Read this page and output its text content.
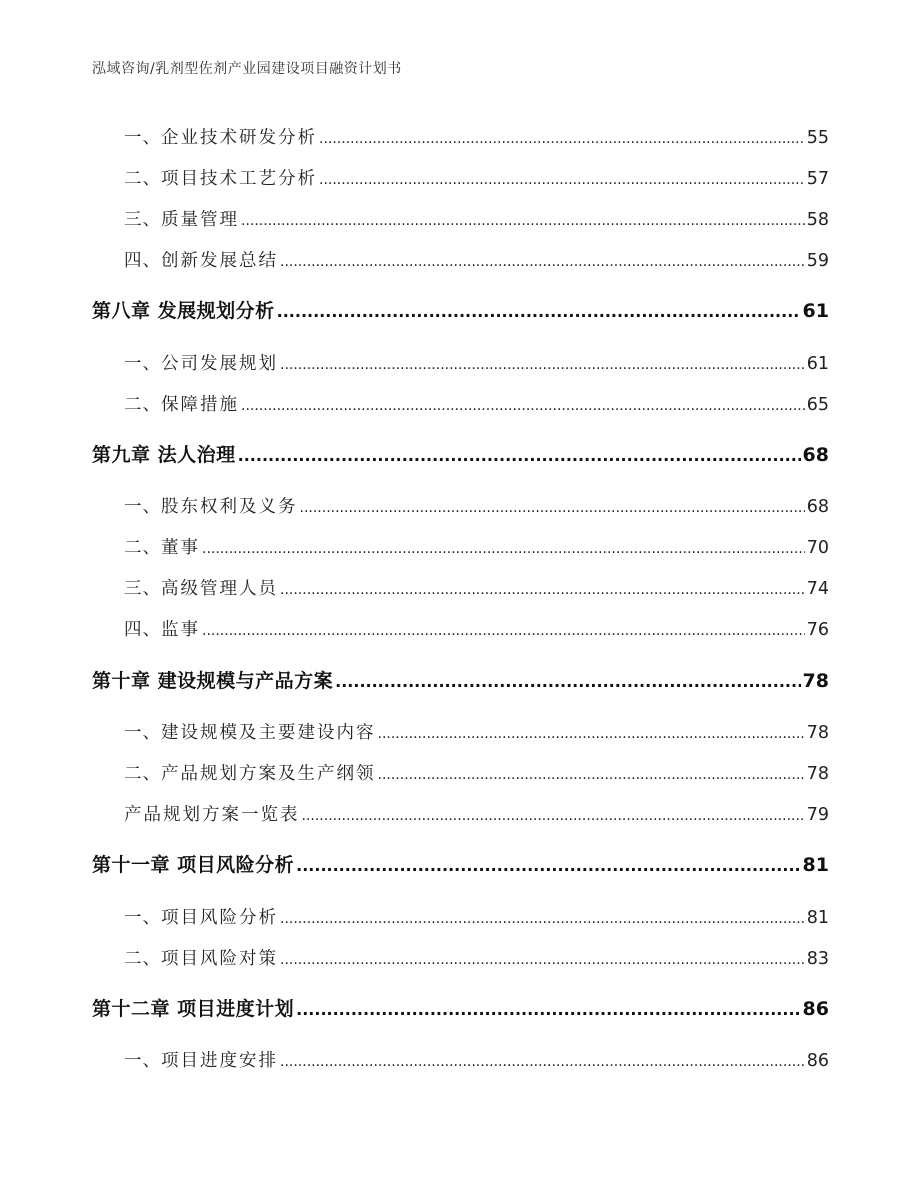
泓域咨询/乳剂型佐剂产业园建设项目融资计划书
一、 企业技术研发分析 .....	55
二、 项目技术工艺分析 .....	57
三、 质量管理 .....	58
四、 创新发展总结 .....	59
第八章 发展规划分析 .....	61
一、 公司发展规划 .....	61
二、 保障措施 .....	65
第九章 法人治理 .....	68
一、 股东权利及义务 .....	68
二、 董事 .....	70
三、 高级管理人员 .....	74
四、 监事 .....	76
第十章 建设规模与产品方案 .....	78
一、 建设规模及主要建设内容 .....	78
二、 产品规划方案及生产纲领 .....	78
产品规划方案一览表 .....	79
第十一章 项目风险分析 .....	81
一、 项目风险分析 .....	81
二、 项目风险对策 .....	83
第十二章 项目进度计划 .....	86
一、 项目进度安排 .....	86
